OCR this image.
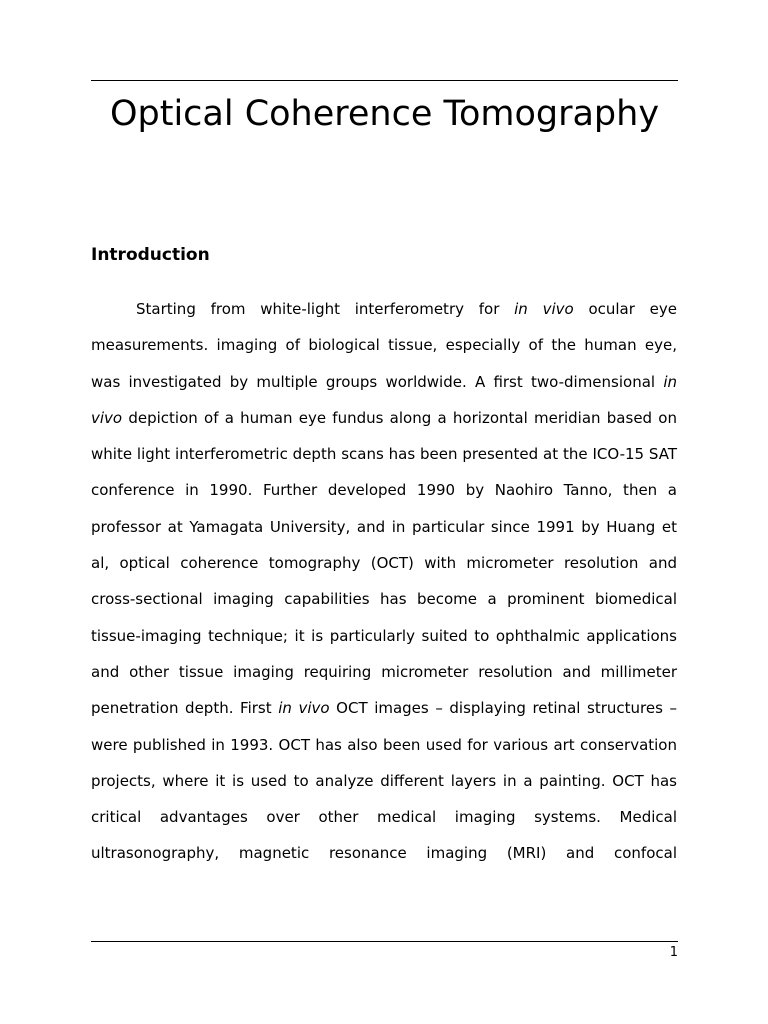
Optical Coherence Tomography
Introduction
Starting from white-light interferometry for in vivo ocular eye
measurements. imaging of biological tissue, especially of the human eye,
was investigated by multiple groups worldwide. A first two-dimensional in
vivo depiction of a human eye fundus along a horizontal meridian based on
white light interferometric depth scans has been presented at the ICO-15 SAT
conference in 1990. Further developed 1990 by Naohiro Tanno, then a
professor at Yamagata University, and in particular since 1991 by Huang et
al, optical coherence tomography (OCT) with micrometer resolution and
cross-sectional imaging capabilities has become a prominent biomedical
tissue-imaging technique; it is particularly suited to ophthalmic applications
and other tissue imaging requiring micrometer resolution and millimeter
penetration depth. First in vivo OCT images – displaying retinal structures –
were published in 1993. OCT has also been used for various art conservation
projects, where it is used to analyze different layers in a painting. OCT has
critical advantages over other medical imaging systems. Medical
ultrasonography, magnetic resonance imaging (MRI) and confocal
1
